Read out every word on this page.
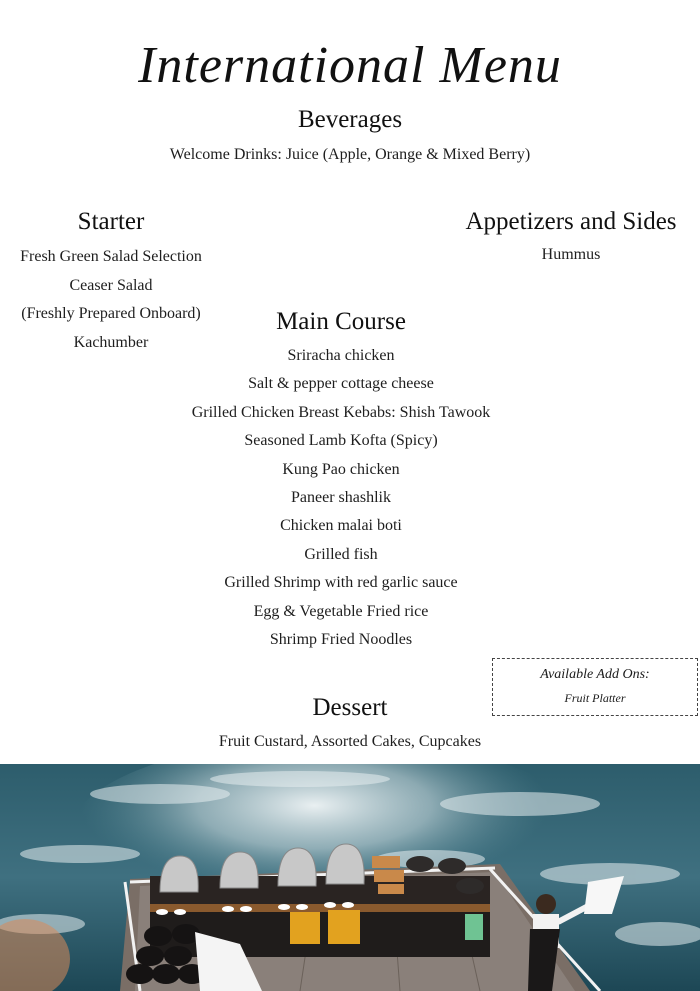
International Menu
Beverages
Welcome Drinks: Juice (Apple, Orange & Mixed Berry)
Starter
Fresh Green Salad Selection
Ceaser Salad
(Freshly Prepared Onboard)
Kachumber
Appetizers and Sides
Hummus
Main Course
Sriracha chicken
Salt & pepper cottage cheese
Grilled Chicken Breast Kebabs: Shish Tawook
Seasoned Lamb Kofta (Spicy)
Kung Pao chicken
Paneer shashlik
Chicken malai boti
Grilled fish
Grilled Shrimp with red garlic sauce
Egg & Vegetable Fried rice
Shrimp Fried Noodles
Available Add Ons:
Fruit Platter
Dessert
Fruit Custard, Assorted Cakes, Cupcakes
